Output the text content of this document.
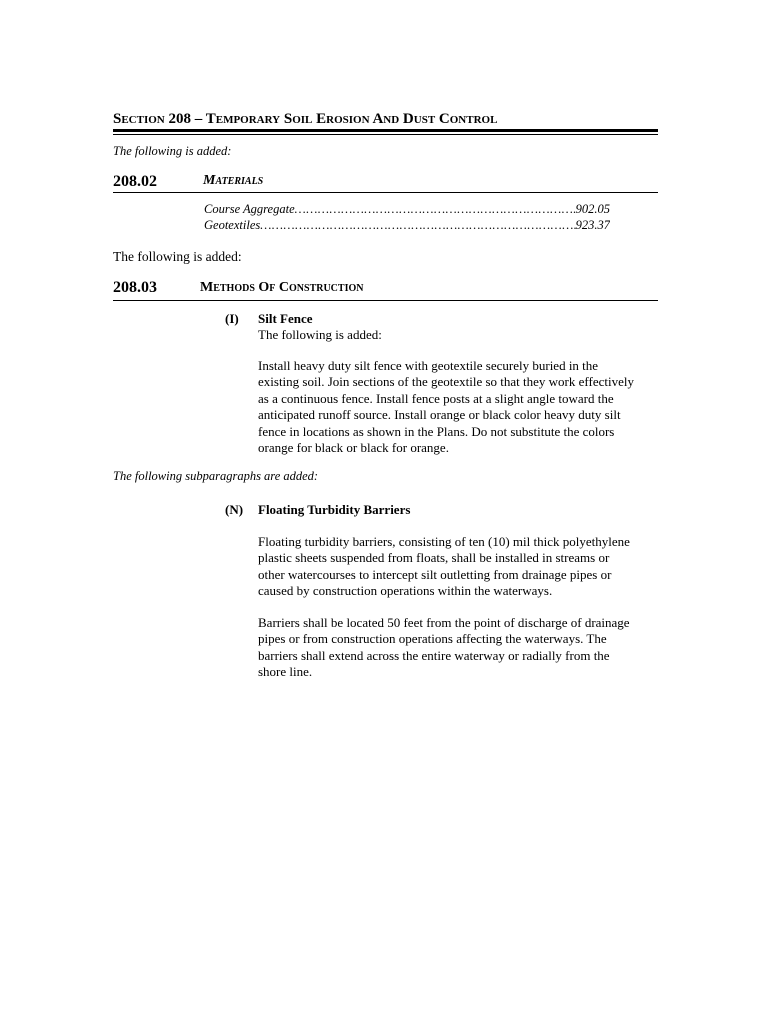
Section 208 – Temporary Soil Erosion And Dust Control
The following is added:
208.02	Materials
Course Aggregate ……………………………………………………………………………………………………………………………	902.05
Geotextiles ……………………………………………………………………………………………………………………………	923.37
The following is added:
208.03	Methods Of Construction
(I) Silt Fence
The following is added:
Install heavy duty silt fence with geotextile securely buried in the
existing soil. Join sections of the geotextile so that they work effectively
as a continuous fence. Install fence posts at a slight angle toward the
anticipated runoff source. Install orange or black color heavy duty silt
fence in locations as shown in the Plans. Do not substitute the colors
orange for black or black for orange.
The following subparagraphs are added:
(N) Floating Turbidity Barriers
Floating turbidity barriers, consisting of ten (10) mil thick polyethylene
plastic sheets suspended from floats, shall be installed in streams or
other watercourses to intercept silt outletting from drainage pipes or
caused by construction operations within the waterways.
Barriers shall be located 50 feet from the point of discharge of drainage
pipes or from construction operations affecting the waterways. The
barriers shall extend across the entire waterway or radially from the
shore line.
